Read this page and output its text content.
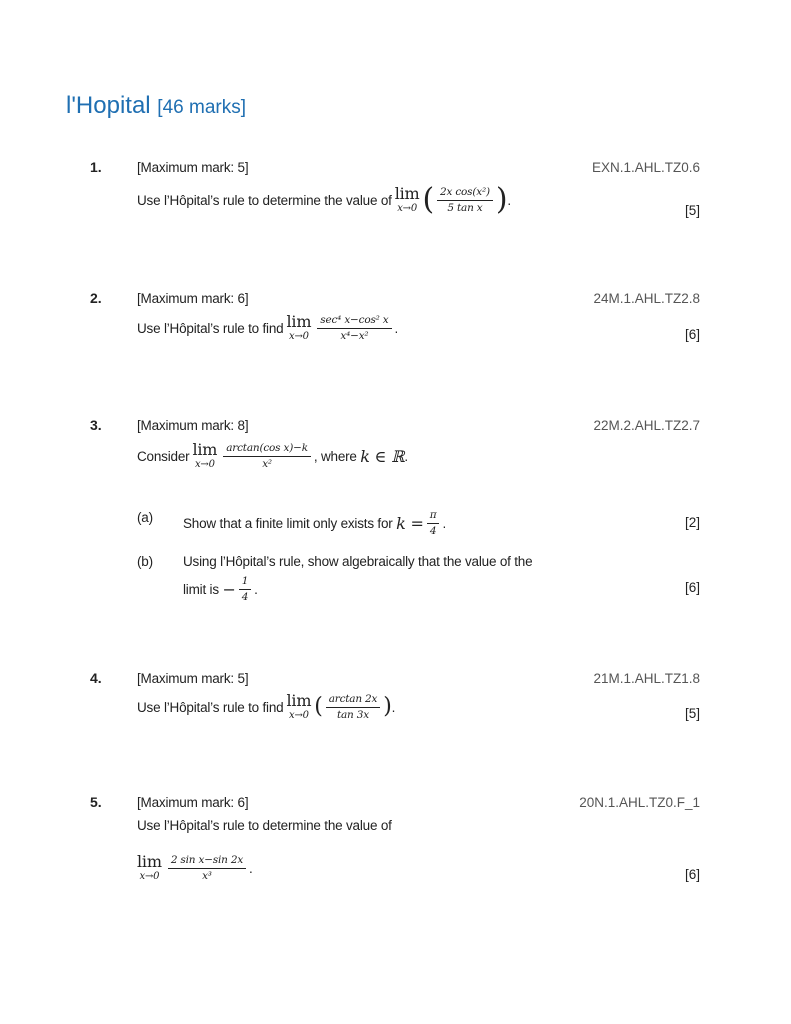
l'Hopital [46 marks]
1.	[Maximum mark: 5]	EXN.1.AHL.TZ0.6
Use l’Hôpital’s rule to determine the value of lim
x→0 ( $\frac{\text{2x cos(x²)}}{\text{5 tan x}}$ ) .
[5]
2.	[Maximum mark: 6]	24M.1.AHL.TZ2.8
Use l’Hôpital’s rule to find lim
$x\to 0 \frac{\text{sec⁴ x−cos² x}}{\text{x⁴−x²}}$ .	[6]
3.	[Maximum mark: 8]	22M.2.AHL.TZ2.7
Consider lim
$x\to 0 \frac{\text{arctan(cos x)−k}}{\text{x²}}$ , where
k ∈ ℝ .
(a) Show that a finite limit only exists for
$k = \frac{\pi}{4}$ .	[2]
(b) Using l’Hôpital’s rule, show algebraically that the value of the
limit is
− $\frac{1}{4}$ .	[6]
4.	[Maximum mark: 5]	21M.1.AHL.TZ1.8
Use l’Hôpital’s rule to find lim
x→0 ( $\frac{\arctan 2x}{\tan 3x}$ ) .	[5]
5.	[Maximum mark: 6]	20N.1.AHL.TZ0.F_1
Use l’Hôpital’s rule to determine the value of
lim
$x\to 0 \frac{\text{2 sin x−sin 2x}}{\text{x³}}$ .	[6]
